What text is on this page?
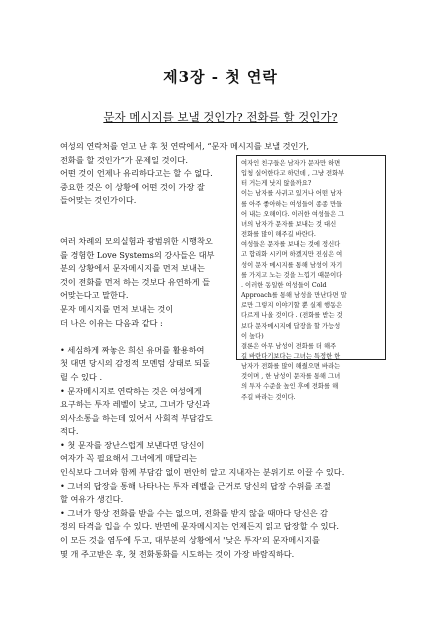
제3장 - 첫 연락
문자 메시지를 보낼 것인가? 전화를 할 것인가?
여성의 연락처를 얻고 난 후 첫 연락에서, “문자 메시지를 보낼 것인가,
전화를 할 것인가”가 문제일 것이다.
어떤 것이 언제나 유리하다고는 할 수 없다.
중요한 것은 이 상황에 어떤 것이 가장 잘
들어맞는 것인가이다.

여러 차례의 모의실험과 광범위한 시행착오
를 경험한 Love Systems의 강사들은 대부
분의 상황에서 문자메시지를 먼저 보내는
것이 전화를 먼저 하는 것보다 유연하게 들
어맞는다고 말한다.
문자 메시지를 먼저 보내는 것이
더 나은 이유는 다음과 같다 :

• 세심하게 짜놓은 희신 유머를 활용하여
첫 대면 당시의 감정적 모멘텀 상태로 되돌
릴 수 있다 .
• 문자메시지로 연락하는 것은 여성에게
요구하는 투자 레벨이 낮고, 그녀가 당신과
의사소통을 하는데 있어서 사회적 부담감도
적다.
• 첫 문자를 장난스럽게 보낸다면 당신이
여자가 꼭 필요해서 그녀에게 매달리는
여자인 친구들은 남자가 문자만 하면
입청 실어한다고 하던데 , 그냥 전화부
터 거는게 낫지 않을까요?
이는 남자를 사귀고 있거나 어떤 남자
를 아주 좋아하는 여성들이 종종 만들
어 내는 오해이다. 이러한 여성들은 그
녀의 남자가 문자를 보내는 것 대신
전화를 많이 해주길 바란다.
여성들은 문자를 보내는 것에 정신다
고 합리화 시키며 하겠지만 진심은 여
성이 문자 메시지를 통해 남성이 자기
를 가지고 노는 것을 느낍기 때문이다
. 이러한 동일한 여성들이 Cold
Approach를 통해 남성을 만난다면 말
로만 그렇지 이야기할 뿐 실제 행동은
다르게 나올 것이다 . (전화를 받는 것
보다 문자메시지에 답장을 할 가능성
이 높다)
결론은 아무 남성이 전화를 더 해주
길 바란다기보다는 그녀는 특정한 한
남자가 전화를 많이 해줬으면 바라는
것이며 , 한 남성이 문자를 통해 그녀
의 투자 수준을 높인 후에 전화를 해
주길 바라는 것이다.
인식보다 그녀와 함께 부담감 없이 편안히 알고 지내자는 분위기로 이끌 수 있다.
• 그녀의 답장을 통해 나타나는 투자 레벨을 근거로 당신의 답장 수위를 조절
할 여유가 생긴다.
• 그녀가 항상 전화를 받을 수는 없으며, 전화를 받지 않을 때마다 당신은 감
정의 타격을 입을 수 있다. 반면에 문자메시지는 언제든지 읽고 답장할 수 있다.
이 모든 것을 염두에 두고, 대부분의 상황에서 '낮은 투자'의 문자메시지를
몇 개 주고받은 후, 첫 전화통화를 시도하는 것이 가장 바람직하다.
